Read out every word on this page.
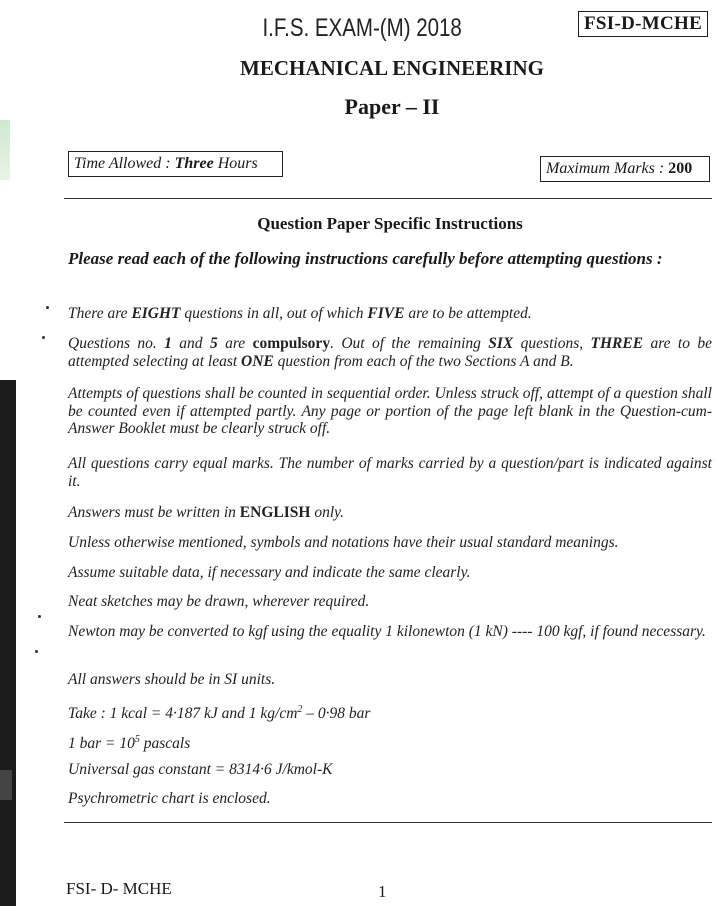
I.F.S. EXAM-(M) 2018	FSI-D-MCHE
MECHANICAL ENGINEERING
Paper – II
Time Allowed : Three Hours	Maximum Marks : 200
Question Paper Specific Instructions
Please read each of the following instructions carefully before attempting questions :
There are EIGHT questions in all, out of which FIVE are to be attempted.
Questions no. 1 and 5 are compulsory. Out of the remaining SIX questions, THREE are to be attempted selecting at least ONE question from each of the two Sections A and B.
Attempts of questions shall be counted in sequential order. Unless struck off, attempt of a question shall be counted even if attempted partly. Any page or portion of the page left blank in the Question-cum-Answer Booklet must be clearly struck off.
All questions carry equal marks. The number of marks carried by a question/part is indicated against it.
Answers must be written in ENGLISH only.
Unless otherwise mentioned, symbols and notations have their usual standard meanings.
Assume suitable data, if necessary and indicate the same clearly.
Neat sketches may be drawn, wherever required.
Newton may be converted to kgf using the equality 1 kilonewton (1 kN) ---- 100 kgf, if found necessary.
All answers should be in SI units.
Take : 1 kcal = 4·187 kJ and 1 $kg/cm^2 - 0\cdot 98$ bar
1 bar = $10^5$ pascals
Universal gas constant = 8314·6 J/kmol-K
Psychrometric chart is enclosed.
FSI- D- MCHE	1
